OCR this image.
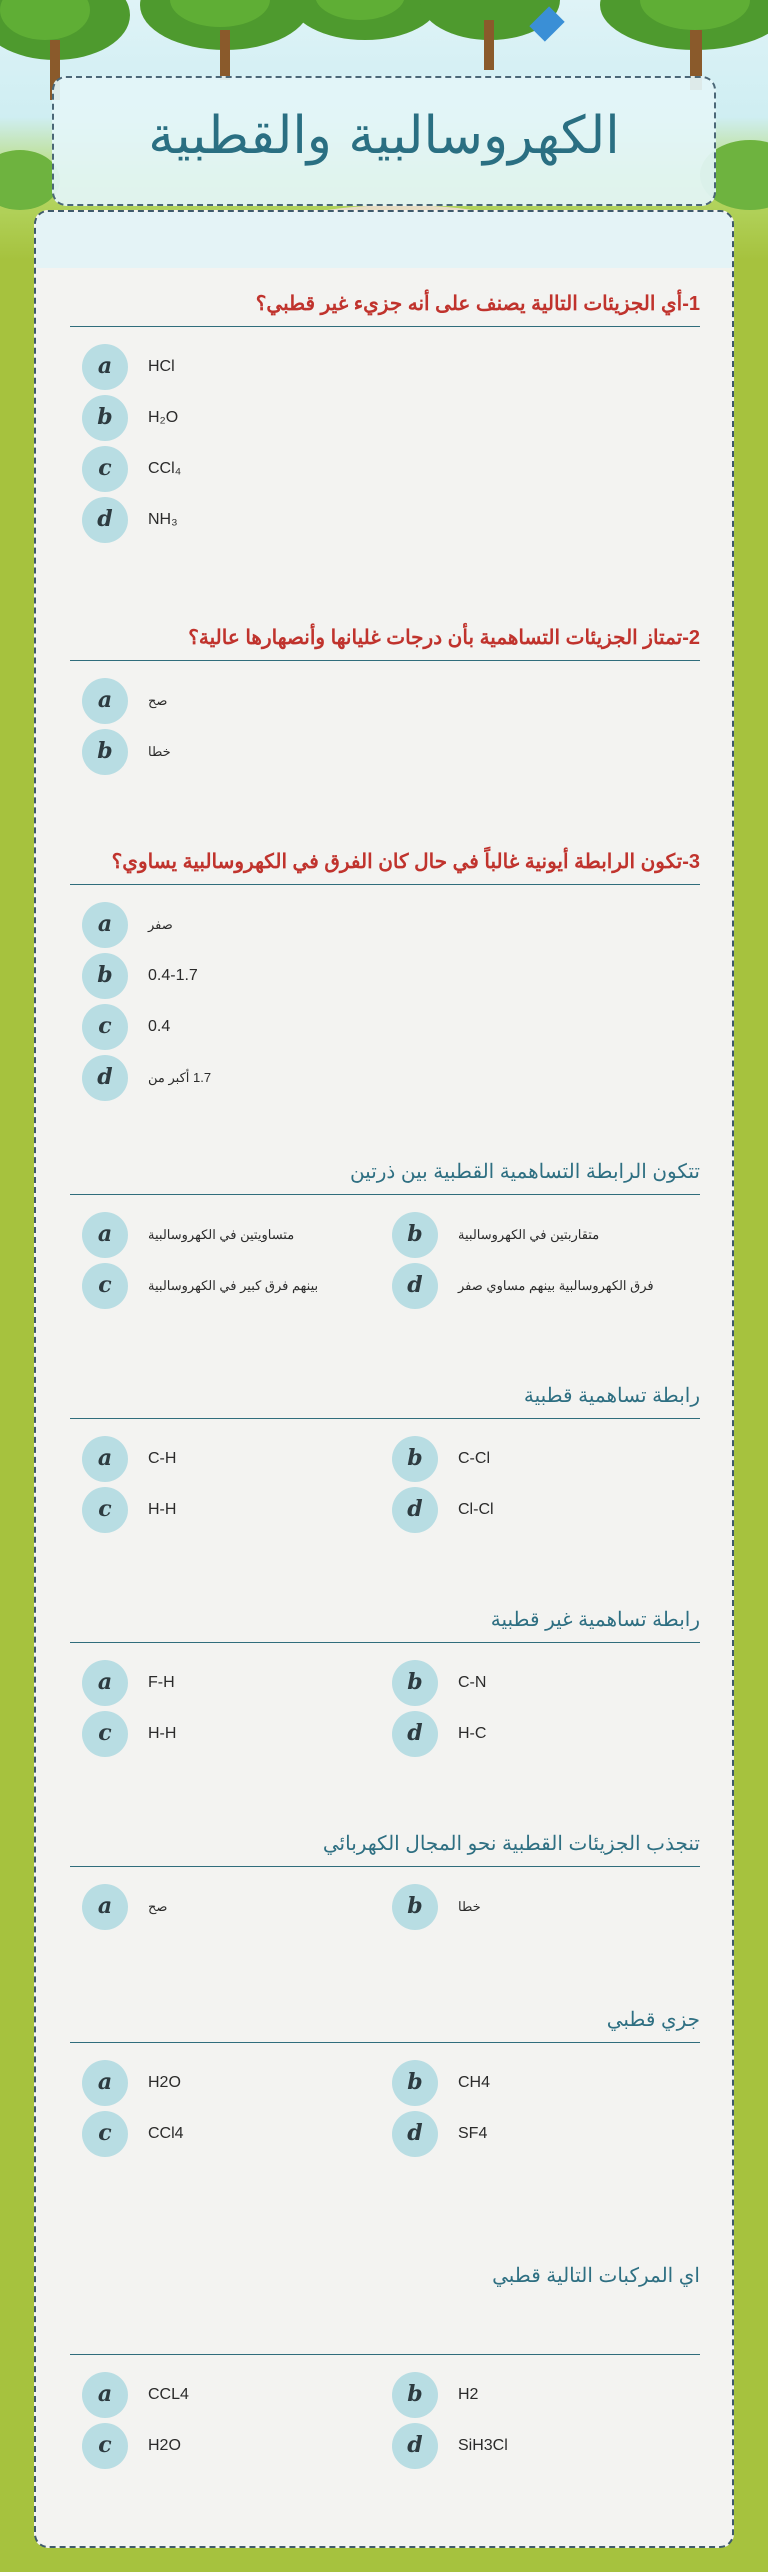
الكهروسالبية والقطبية
1-أي الجزيئات التالية يصنف على أنه جزيء غير قطبي؟
a	HCl
b	H₂O
c	CCl₄
d	NH₃
2-تمتاز الجزيئات التساهمية بأن درجات غليانها وأنصهارها عالية؟
a	صح
b	خطا
3-تكون الرابطة أيونية غالباً في حال كان الفرق في الكهروسالبية يساوي؟
a	صفر
b	0.4-1.7
c	0.4
d	1.7 أكبر من
تتكون الرابطة التساهمية القطبية بين ذرتين
a	متساويتين في الكهروسالبية	b	متقاربتين في الكهروسالبية
c	بينهم فرق كبير في الكهروسالبية	d	فرق الكهروسالبية بينهم مساوي صفر
رابطة تساهمية قطبية
a	C-H	b	C-Cl
c	H-H	d	Cl-Cl
رابطة تساهمية غير قطبية
a	F-H	b	C-N
c	H-H	d	H-C
تنجذب الجزيئات القطبية نحو المجال الكهربائي
a	صح	b	خطا
جزي قطبي
a	H2O	b	CH4
c	CCl4	d	SF4
اي المركبات التالية قطبي
a	CCL4	b	H2
c	H2O	d	SiH3Cl
